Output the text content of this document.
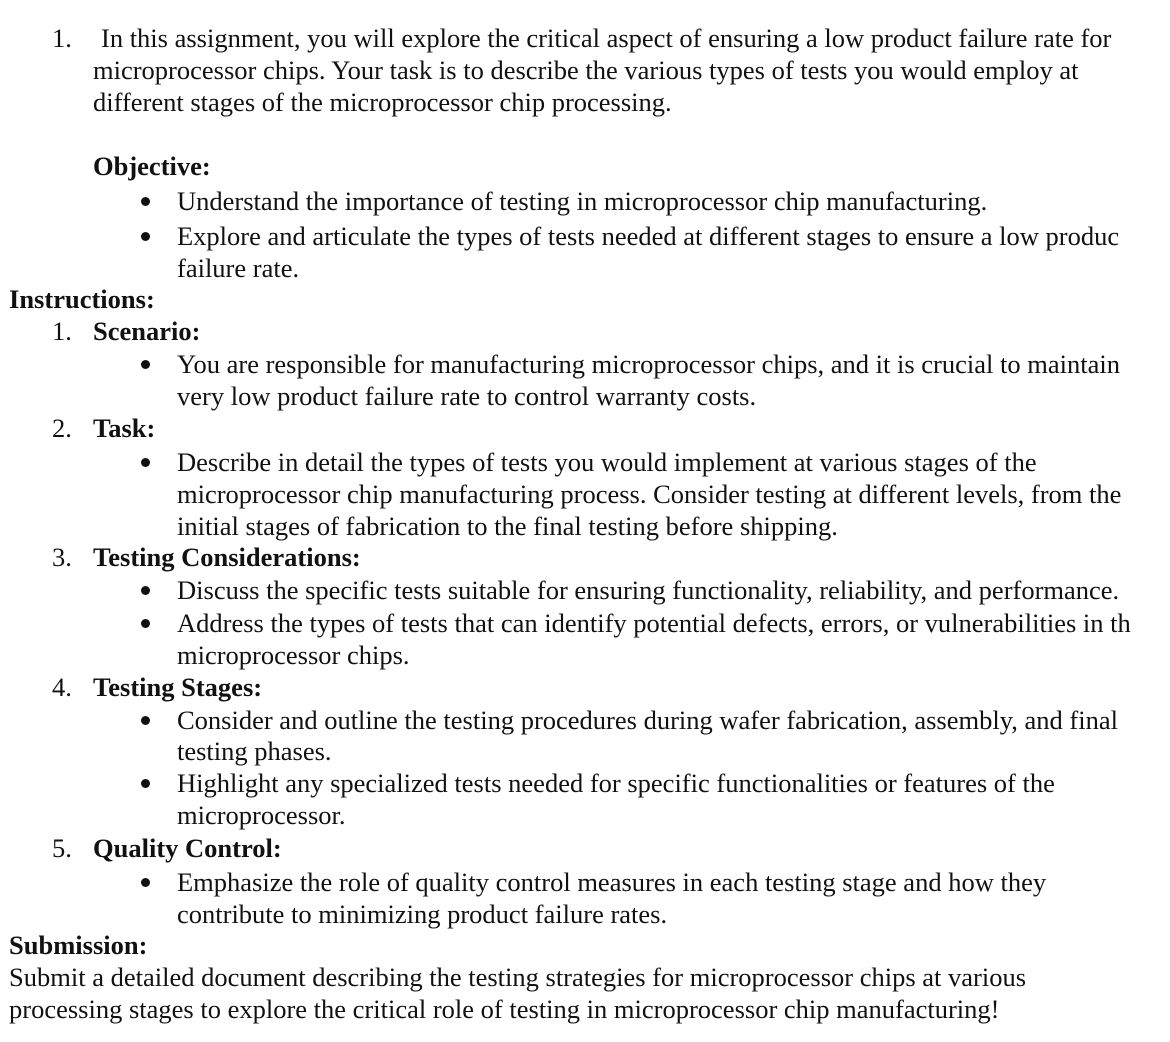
1. In this assignment, you will explore the critical aspect of ensuring a low product failure rate for
microprocessor chips. Your task is to describe the various types of tests you would employ at
different stages of the microprocessor chip processing.
Objective:
Understand the importance of testing in microprocessor chip manufacturing.
Explore and articulate the types of tests needed at different stages to ensure a low produc
failure rate.
Instructions:
1. Scenario:
You are responsible for manufacturing microprocessor chips, and it is crucial to maintain
very low product failure rate to control warranty costs.
2. Task:
Describe in detail the types of tests you would implement at various stages of the
microprocessor chip manufacturing process. Consider testing at different levels, from the
initial stages of fabrication to the final testing before shipping.
3. Testing Considerations:
Discuss the specific tests suitable for ensuring functionality, reliability, and performance.
Address the types of tests that can identify potential defects, errors, or vulnerabilities in th
microprocessor chips.
4. Testing Stages:
Consider and outline the testing procedures during wafer fabrication, assembly, and final
testing phases.
Highlight any specialized tests needed for specific functionalities or features of the
microprocessor.
5. Quality Control:
Emphasize the role of quality control measures in each testing stage and how they
contribute to minimizing product failure rates.
Submission:
Submit a detailed document describing the testing strategies for microprocessor chips at various
processing stages to explore the critical role of testing in microprocessor chip manufacturing!
